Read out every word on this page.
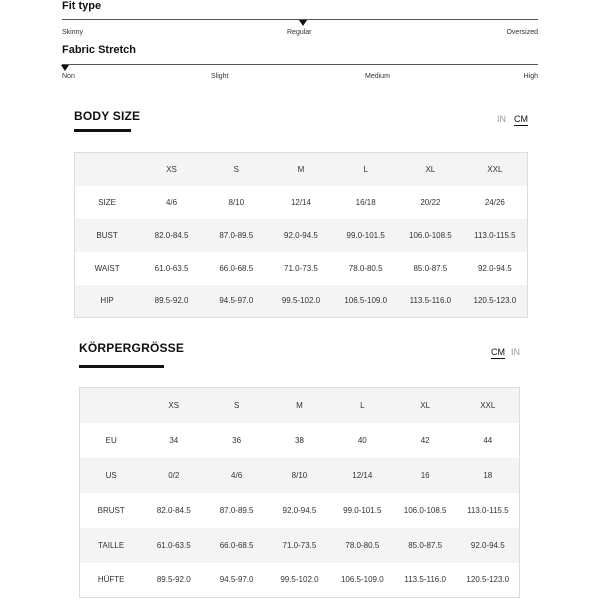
Fit type
Skinny	Regular	Oversized
Fabric Stretch
Non	Slight	Medium	High
BODY SIZE	IN CM
	XS	S	M	L	XL	XXL
SIZE	4/6	8/10	12/14	16/18	20/22	24/26
BUST	82.0-84.5	87.0-89.5	92.0-94.5	99.0-101.5	106.0-108.5	113.0-115.5
WAIST	61.0-63.5	66.0-68.5	71.0-73.5	78.0-80.5	85.0-87.5	92.0-94.5
HIP	89.5-92.0	94.5-97.0	99.5-102.0	106.5-109.0	113.5-116.0	120.5-123.0
KÖRPERGRÖSSE	CM IN
	XS	S	M	L	XL	XXL
EU	34	36	38	40	42	44
US	0/2	4/6	8/10	12/14	16	18
BRUST	82.0-84.5	87.0-89.5	92.0-94.5	99.0-101.5	106.0-108.5	113.0-115.5
TAILLE	61.0-63.5	66.0-68.5	71.0-73.5	78.0-80.5	85.0-87.5	92.0-94.5
HÜFTE	89.5-92.0	94.5-97.0	99.5-102.0	106.5-109.0	113.5-116.0	120.5-123.0
